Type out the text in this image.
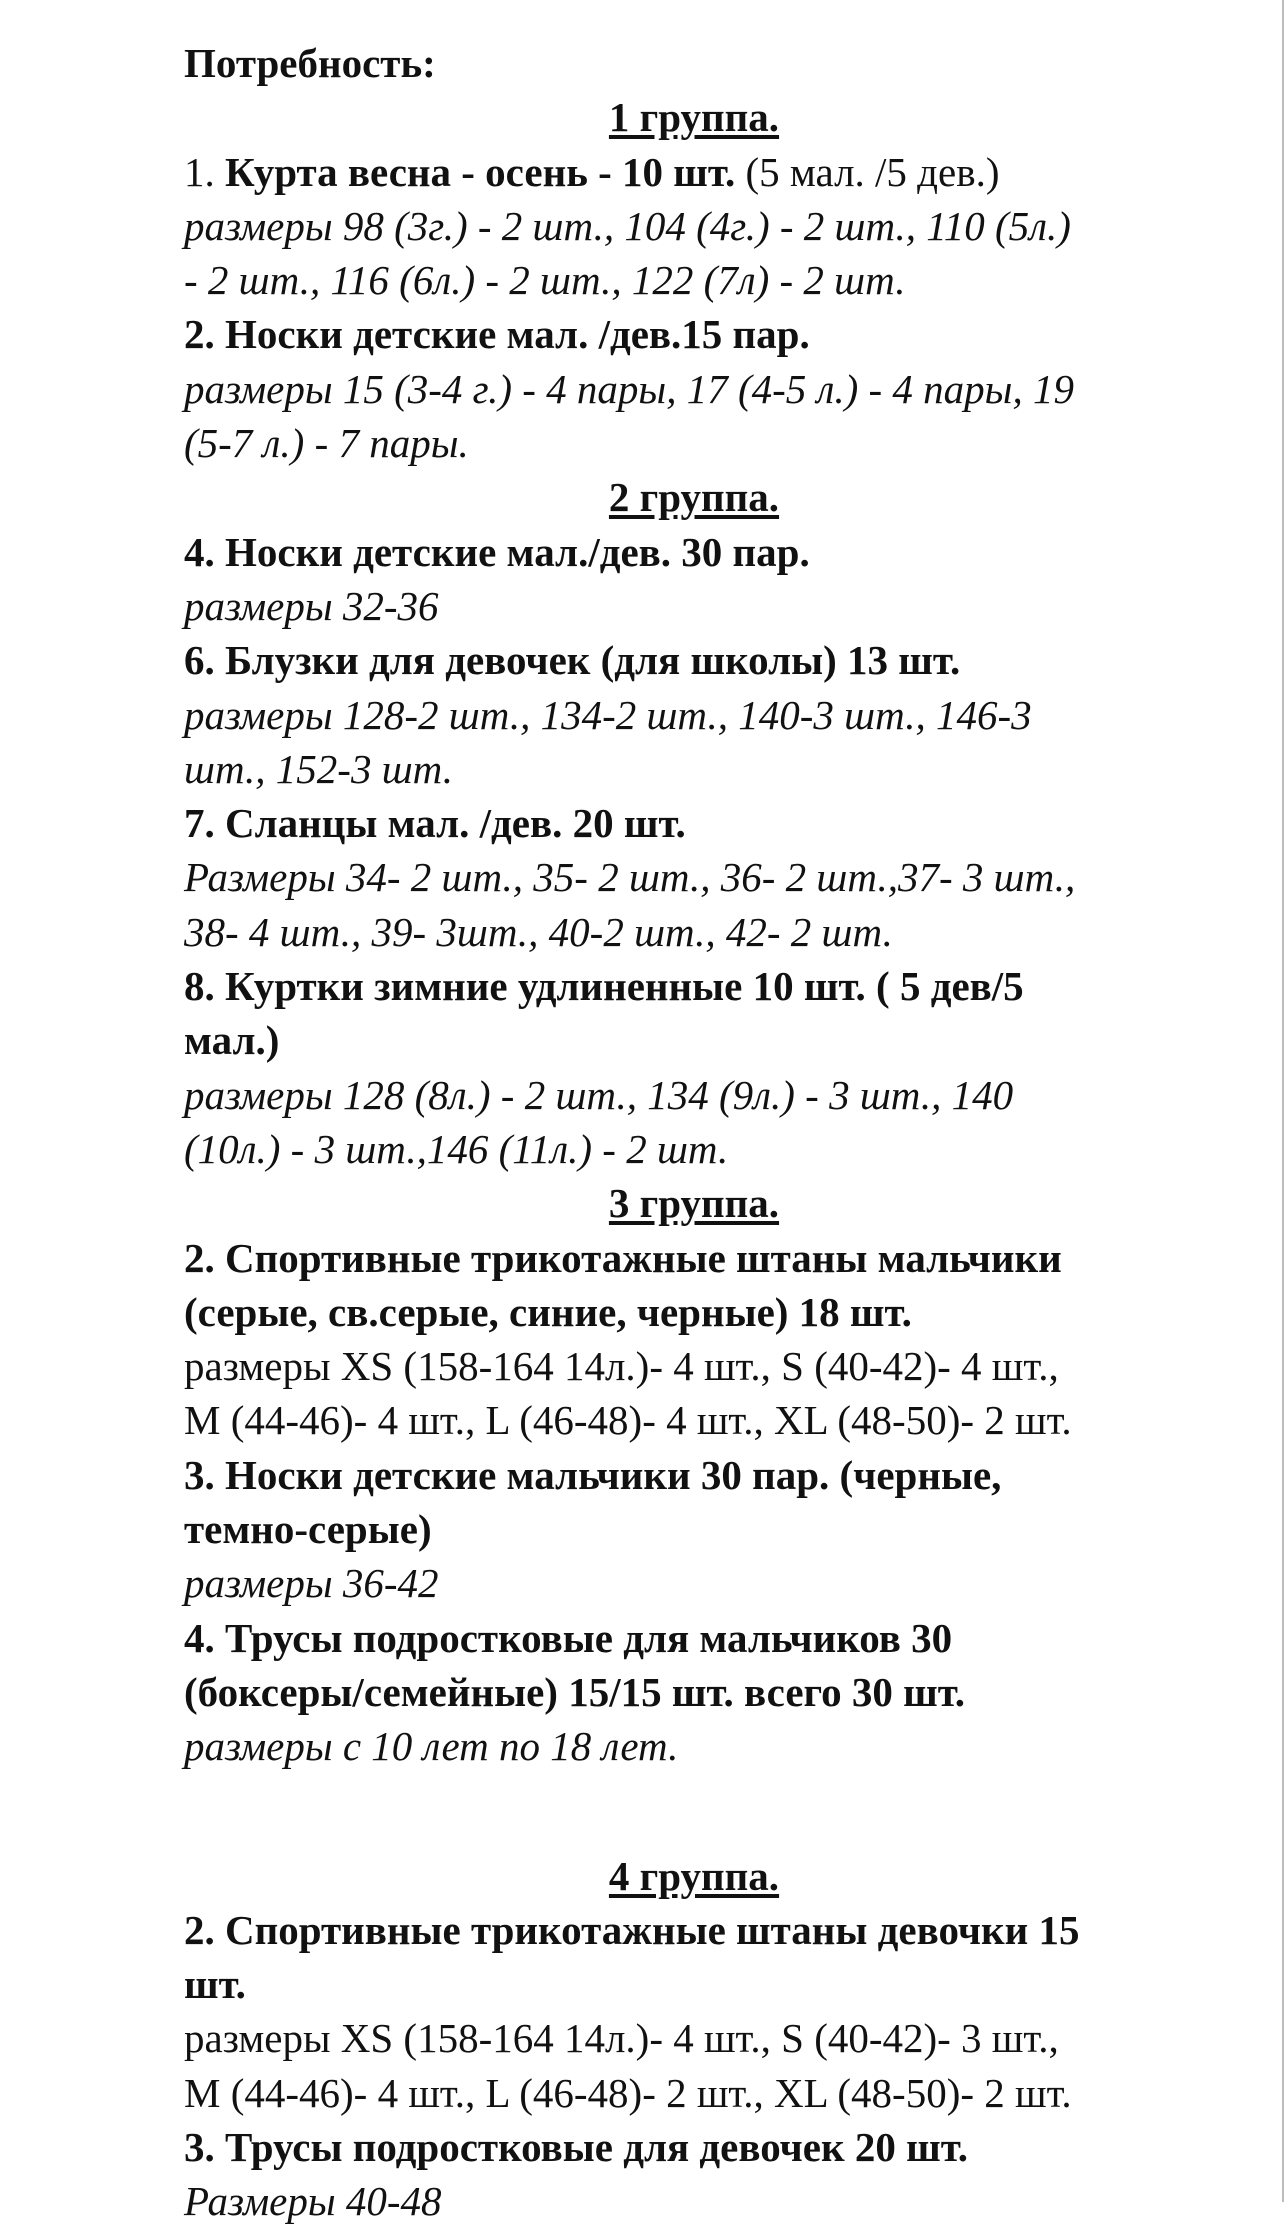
Потребность:

1 группа.

1. Курта весна - осень - 10 шт. (5 мал. /5 дев.)

размеры 98 (3г.) - 2 шт., 104 (4г.) - 2 шт., 110 (5л.)

- 2 шт., 116 (6л.) - 2 шт., 122 (7л) - 2 шт.

2. Носки детские мал. /дев.15 пар.

размеры 15 (3-4 г.) - 4 пары, 17 (4-5 л.) - 4 пары, 19

(5-7 л.) - 7 пары.

2 группа.

4. Носки детские мал./дев. 30 пар.

размеры 32-36

6. Блузки для девочек (для школы) 13 шт.

размеры 128-2 шт., 134-2 шт., 140-3 шт., 146-3

шт., 152-3 шт.

7. Сланцы мал. /дев. 20 шт.

Размеры 34- 2 шт., 35- 2 шт., 36- 2 шт.,37- 3 шт.,

38- 4 шт., 39- 3шт., 40-2 шт., 42- 2 шт.

8. Куртки зимние удлиненные 10 шт. ( 5 дев/5

мал.)

размеры 128 (8л.) - 2 шт., 134 (9л.) - 3 шт., 140

(10л.) - 3 шт.,146 (11л.) - 2 шт.

3 группа.

2. Спортивные трикотажные штаны мальчики

(серые, св.серые, синие, черные) 18 шт.

размеры XS (158-164 14л.)- 4 шт., S (40-42)- 4 шт.,

M (44-46)- 4 шт., L (46-48)- 4 шт., XL (48-50)- 2 шт.

3. Носки детские мальчики 30 пар. (черные,

темно-серые)

размеры 36-42

4. Трусы подростковые для мальчиков 30

(боксеры/семейные) 15/15 шт. всего 30 шт.

размеры с 10 лет по 18 лет.

4 группа.

2. Спортивные трикотажные штаны девочки 15

шт.

размеры XS (158-164 14л.)- 4 шт., S (40-42)- 3 шт.,

M (44-46)- 4 шт., L (46-48)- 2 шт., XL (48-50)- 2 шт.

3. Трусы подростковые для девочек 20 шт.

Размеры 40-48
